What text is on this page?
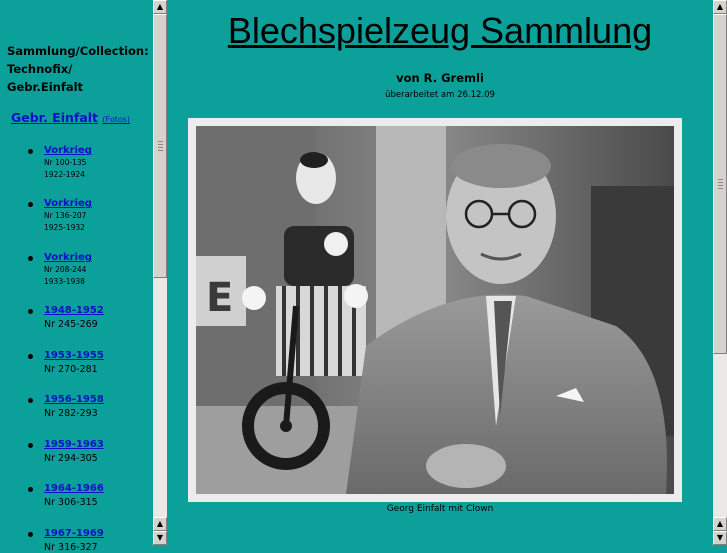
Sammlung/Collection:
Technofix/
Gebr.Einfalt
Gebr. Einfalt (Fotos)
Vorkrieg
Nr 100-135
1922-1924
Vorkrieg
Nr 136-207
1925-1932
Vorkrieg
Nr 208-244
1933-1938
1948-1952
Nr 245-269
1953-1955
Nr 270-281
1956-1958
Nr 282-293
1959-1963
Nr 294-305
1964-1966
Nr 306-315
1967-1969
Nr 316-327
▲
▲
▼
Blechspielzeug Sammlung
von R. Gremli
überarbeitet am 26.12.09
E
Georg Einfalt mit Clown
▲
▲
▼
